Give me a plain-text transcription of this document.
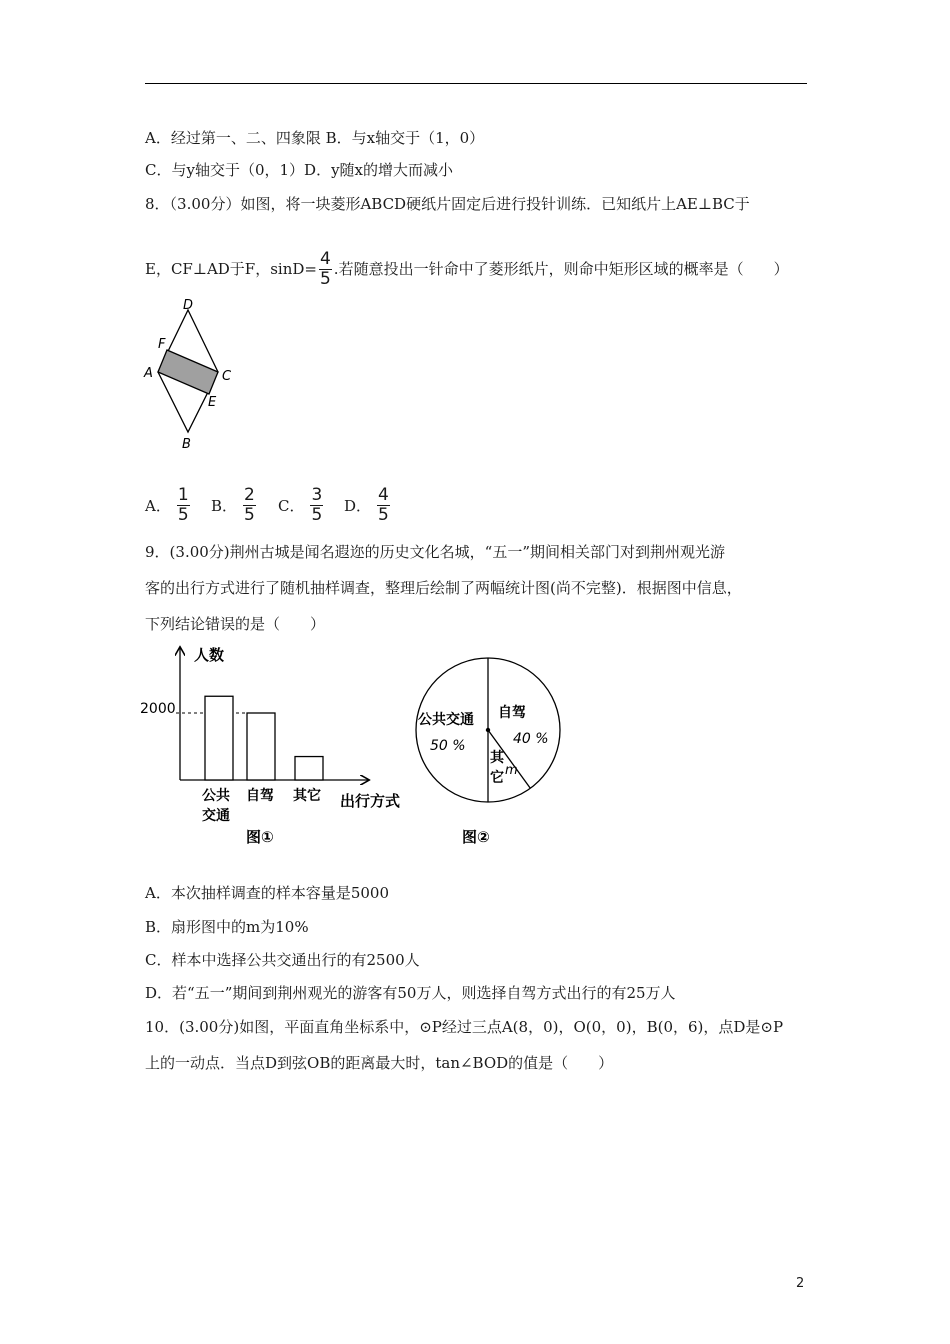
A．经过第一、二、四象限 B．与x轴交于（1，0）
C．与y轴交于（0，1）D．y随x的增大而减小
8．（3.00分）如图，将一块菱形ABCD硬纸片固定后进行投针训练．已知纸片上AE⊥BC于
E，CF⊥AD于F，$\sin D= \frac{4}{5}$ .若随意投出一针命中了菱形纸片，则命中矩形区域的概率是（　　）
D
F
A	C
E
B
A． $\frac{1}{5}$ B． $\frac{2}{5}$ C． $\frac{3}{5}$ D． $\frac{4}{5}$
9．(3.00分)荆州古城是闻名遐迩的历史文化名城，“五一”期间相关部门对到荆州观光游
客的出行方式进行了随机抽样调查，整理后绘制了两幅统计图(尚不完整)．根据图中信息，
下列结论错误的是（　　）
人数
出行方式
2000
公共
交通
自驾 其它
图①
公共交通
50 %
自驾
40 %
其
它 m
图②
A．本次抽样调查的样本容量是5000
B．扇形图中的m为10%
C．样本中选择公共交通出行的有2500人
D．若“五一”期间到荆州观光的游客有50万人，则选择自驾方式出行的有25万人
10．(3.00分)如图，平面直角坐标系中，⊙P经过三点A(8，0)，O(0，0)，B(0，6)，点D是⊙P
上的一动点．当点D到弦OB的距离最大时，tan∠BOD的值是（　　）
2
